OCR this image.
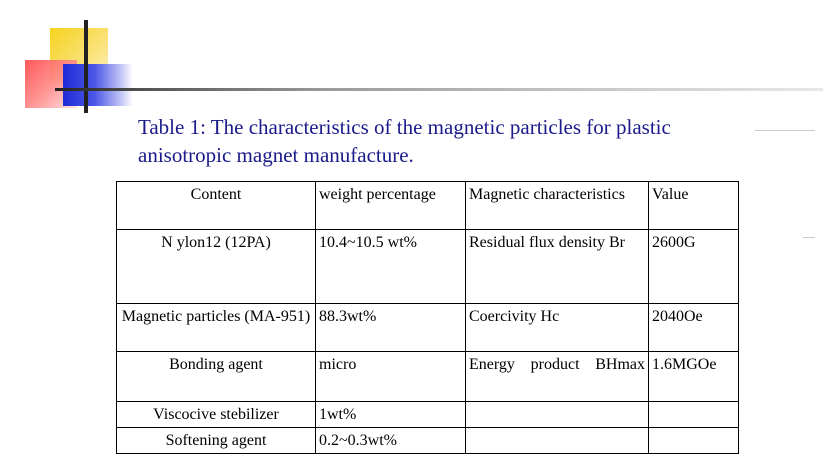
Table 1: The characteristics of the magnetic particles for plastic
anisotropic magnet manufacture.
Content	weight percentage	Magnetic characteristics	Value
N ylon12 (12PA)	10.4~10.5 wt%	Residual flux density Br	2600G
Magnetic particles (MA-951)	88.3wt%	Coercivity Hc	2040Oe
Bonding agent	micro	Energy product BHmax	1.6MGOe
Viscocive stebilizer	1wt%		
Softening agent	0.2~0.3wt%		
